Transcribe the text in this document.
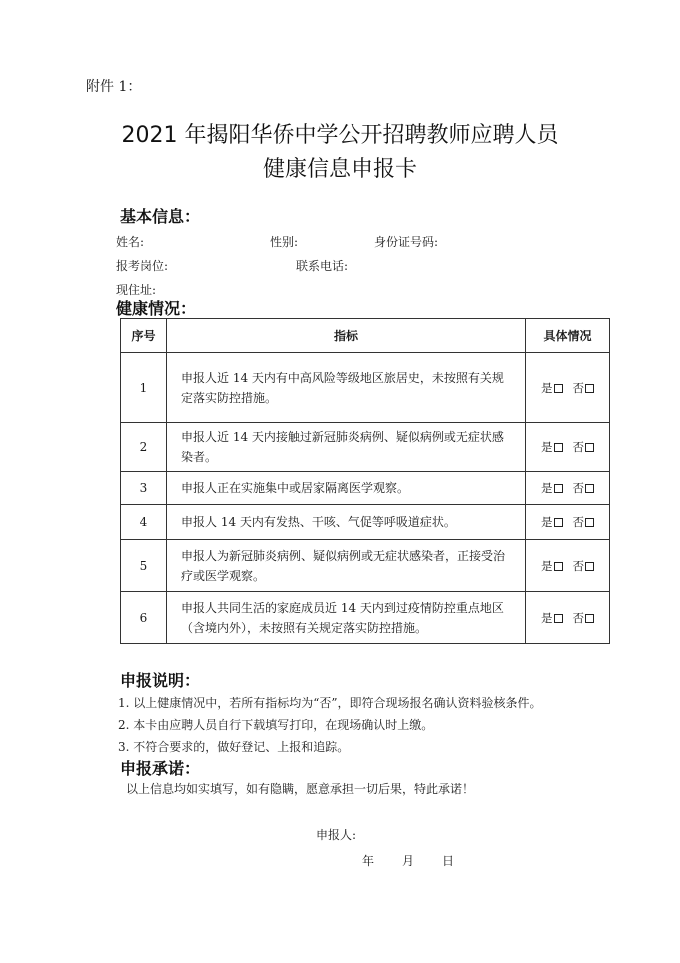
附件 1：
2021 年揭阳华侨中学公开招聘教师应聘人员
健康信息申报卡
基本信息：
姓名:	性别:	身份证号码:
报考岗位:	联系电话:
现住址:
健康情况：
序号	指标	具体情况
1	申报人近 14 天内有中高风险等级地区旅居史，未按照有关规定落实防控措施。	是 否
2	申报人近 14 天内接触过新冠肺炎病例、疑似病例或无症状感染者。	是 否
3	申报人正在实施集中或居家隔离医学观察。	是 否
4	申报人 14 天内有发热、干咳、气促等呼吸道症状。	是 否
5	申报人为新冠肺炎病例、疑似病例或无症状感染者，正接受治疗或医学观察。	是 否
6	申报人共同生活的家庭成员近 14 天内到过疫情防控重点地区（含境内外），未按照有关规定落实防控措施。	是 否
申报说明：
1. 以上健康情况中，若所有指标均为“否”，即符合现场报名确认资料验核条件。
2. 本卡由应聘人员自行下载填写打印，在现场确认时上缴。
3. 不符合要求的，做好登记、上报和追踪。
申报承诺：
以上信息均如实填写，如有隐瞒，愿意承担一切后果，特此承诺！
申报人:
年 月 日
